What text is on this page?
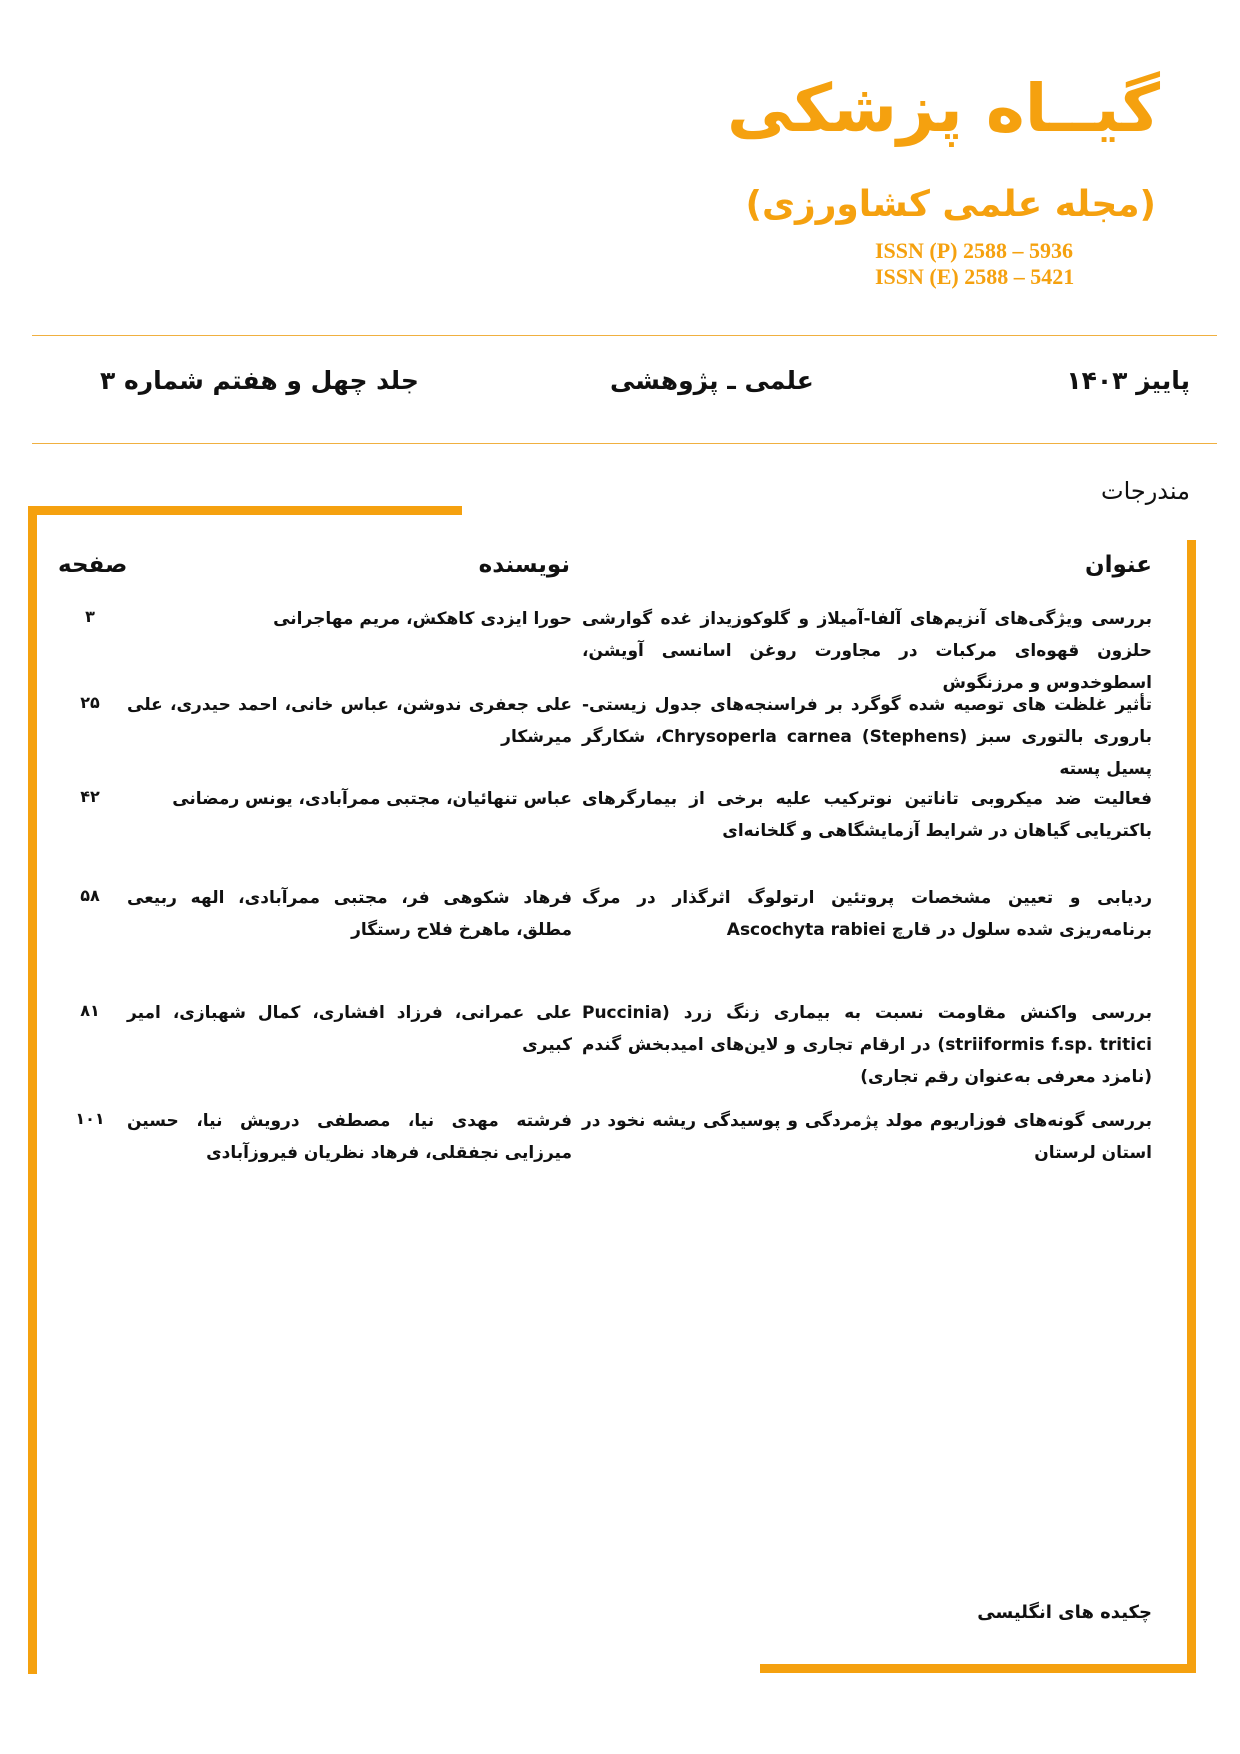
گیــاه پزشکی
(مجله علمی کشاورزی)
ISSN (P) 2588 – 5936
ISSN (E) 2588 – 5421
پاییز ۱۴۰۳
علمی ـ پژوهشی
جلد چهل و هفتم شماره ۳
مندرجات
عنوان
نویسنده
صفحه
بررسی ویژگی‌های آنزیم‌های آلفا-آمیلاز و گلوکوزیداز غده گوارشی حلزون قهوه‌ای مرکبات در مجاورت روغن اسانسی آویشن، اسطوخدوس و مرزنگوش
حورا ایزدی کاهکش، مریم مهاجرانی
۳
تأثیر غلظت های توصیه شده گوگرد بر فراسنجه‌های جدول زیستی- باروری بالتوری سبز Chrysoperla carnea (Stephens)، شکارگر پسیل پسته
علی جعفری ندوشن، عباس خانی، احمد حیدری، علی میرشکار
۲۵
فعالیت ضد میکروبی تاناتین نوترکیب علیه برخی از بیمارگرهای باکتریایی گیاهان در شرایط آزمایشگاهی و گلخانه‌ای
عباس تنهائیان، مجتبی ممرآبادی، یونس رمضانی
۴۲
ردیابی و تعیین مشخصات پروتئین ارتولوگ اثرگذار در مرگ برنامه‌ریزی شده سلول در قارچ Ascochyta rabiei
فرهاد شکوهی فر، مجتبی ممرآبادی، الهه ربیعی مطلق، ماهرخ فلاح رستگار
۵۸
بررسی واکنش مقاومت نسبت به بیماری زنگ زرد (Puccinia striiformis f.sp. tritici) در ارقام تجاری و لاین‌های امیدبخش گندم (نامزد معرفی به‌عنوان رقم تجاری)
علی عمرانی، فرزاد افشاری، کمال شهبازی، امیر کبیری
۸۱
بررسی گونه‌های فوزاریوم مولد پژمردگی و پوسیدگی ریشه نخود در استان لرستان
فرشته مهدی نیا، مصطفی درویش نیا، حسین میرزایی نجفقلی، فرهاد نظریان فیروزآبادی
۱۰۱
چکیده های انگلیسی
